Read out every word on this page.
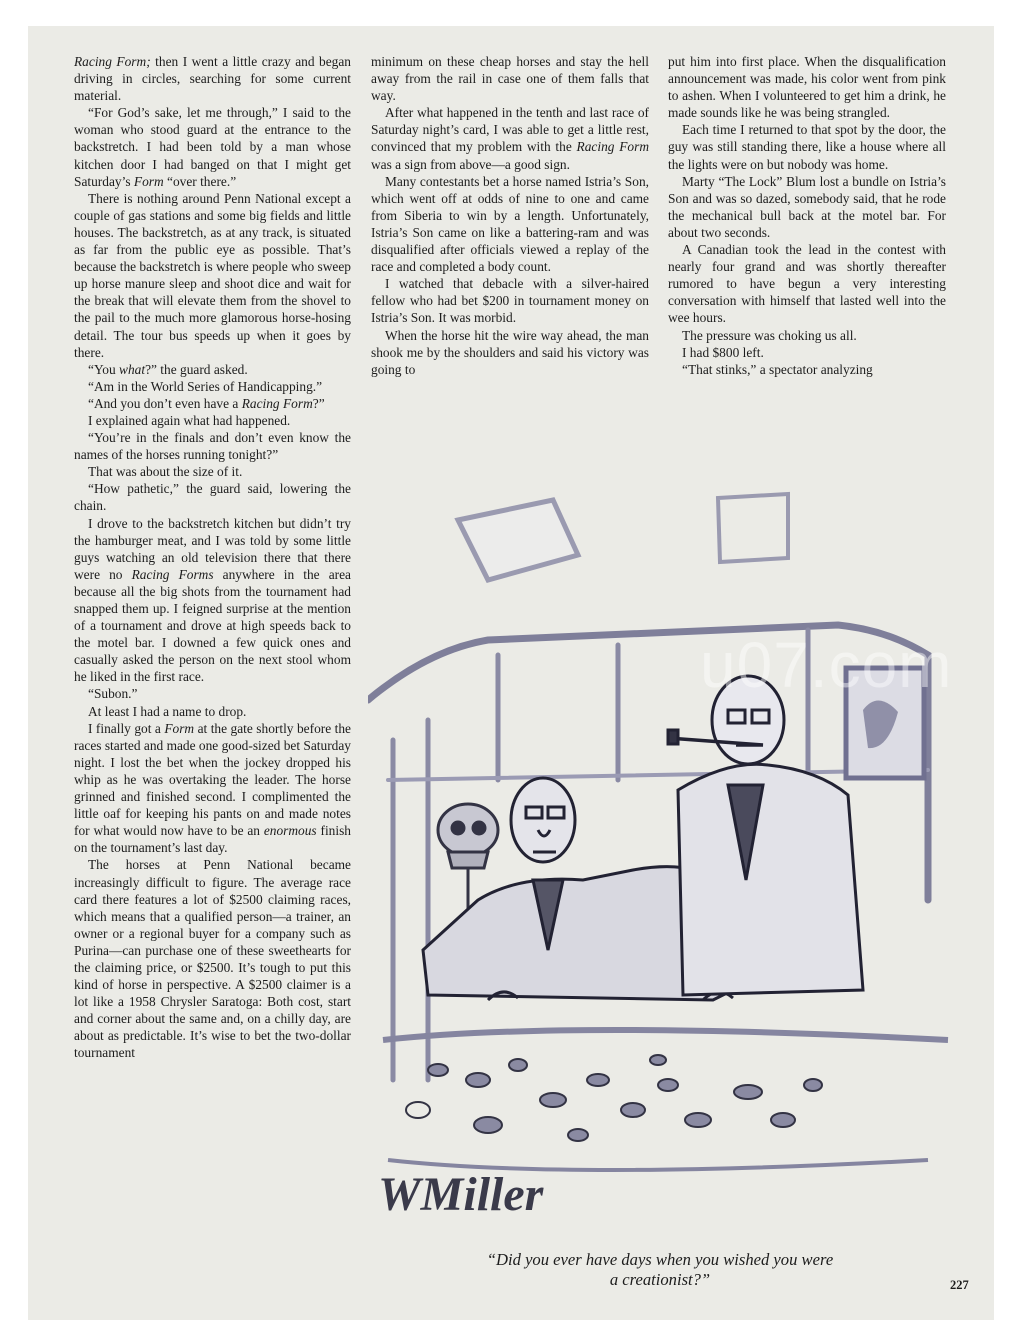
Racing Form; then I went a little crazy and began driving in circles, searching for some current material.

“For God’s sake, let me through,” I said to the woman who stood guard at the entrance to the backstretch. I had been told by a man whose kitchen door I had banged on that I might get Saturday’s Form “over there.”

There is nothing around Penn National except a couple of gas stations and some big fields and little houses. The backstretch, as at any track, is situated as far from the public eye as possible. That’s because the backstretch is where people who sweep up horse manure sleep and shoot dice and wait for the break that will elevate them from the shovel to the pail to the much more glamorous horse-hosing detail. The tour bus speeds up when it goes by there.

“You what?” the guard asked.

“Am in the World Series of Handicapping.”

“And you don’t even have a Racing Form?”

I explained again what had happened.

“You’re in the finals and don’t even know the names of the horses running tonight?”

That was about the size of it.

“How pathetic,” the guard said, lowering the chain.

I drove to the backstretch kitchen but didn’t try the hamburger meat, and I was told by some little guys watching an old television there that there were no Racing Forms anywhere in the area because all the big shots from the tournament had snapped them up. I feigned surprise at the mention of a tournament and drove at high speeds back to the motel bar. I downed a few quick ones and casually asked the person on the next stool whom he liked in the first race.

“Subon.”

At least I had a name to drop.

I finally got a Form at the gate shortly before the races started and made one good-sized bet Saturday night. I lost the bet when the jockey dropped his whip as he was overtaking the leader. The horse grinned and finished second. I complimented the little oaf for keeping his pants on and made notes for what would now have to be an enormous finish on the tournament’s last day.

The horses at Penn National became increasingly difficult to figure. The average race card there features a lot of $2500 claiming races, which means that a qualified person—a trainer, an owner or a regional buyer for a company such as Purina—can purchase one of these sweethearts for the claiming price, or $2500. It’s tough to put this kind of horse in perspective. A $2500 claimer is a lot like a 1958 Chrysler Saratoga: Both cost, start and corner about the same and, on a chilly day, are about as predictable. It’s wise to bet the two-dollar tournament

minimum on these cheap horses and stay the hell away from the rail in case one of them falls that way.

After what happened in the tenth and last race of Saturday night’s card, I was able to get a little rest, convinced that my problem with the Racing Form was a sign from above—a good sign.

Many contestants bet a horse named Istria’s Son, which went off at odds of nine to one and came from Siberia to win by a length. Unfortunately, Istria’s Son came on like a battering-ram and was disqualified after officials viewed a replay of the race and completed a body count.

I watched that debacle with a silver-haired fellow who had bet $200 in tournament money on Istria’s Son. It was morbid.

When the horse hit the wire way ahead, the man shook me by the shoulders and said his victory was going to

put him into first place. When the disqualification announcement was made, his color went from pink to ashen. When I volunteered to get him a drink, he made sounds like he was being strangled.

Each time I returned to that spot by the door, the guy was still standing there, like a house where all the lights were on but nobody was home.

Marty “The Lock” Blum lost a bundle on Istria’s Son and was so dazed, somebody said, that he rode the mechanical bull back at the motel bar. For about two seconds.

A Canadian took the lead in the contest with nearly four grand and was shortly thereafter rumored to have begun a very interesting conversation with himself that lasted well into the wee hours.

The pressure was choking us all.

I had $800 left.

“That stinks,” a spectator analyzing

WMiller
“Did you ever have days when you wished you were
a creationist?”	227
u07.com
